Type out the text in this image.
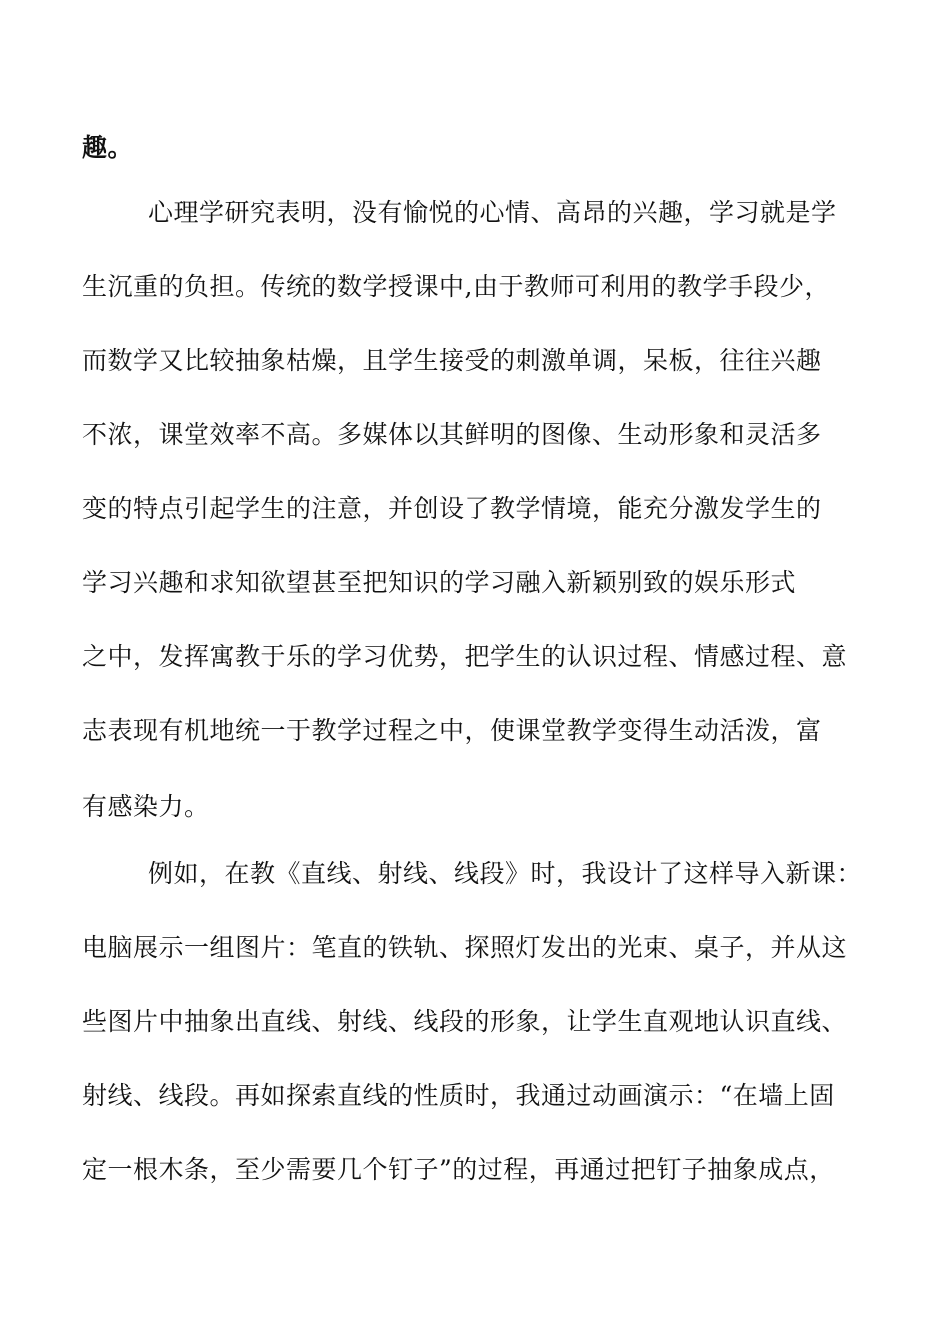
趣。
心理学研究表明，没有愉悦的心情、高昂的兴趣，学习就是学
生沉重的负担。传统的数学授课中,由于教师可利用的教学手段少，
而数学又比较抽象枯燥，且学生接受的刺激单调，呆板，往往兴趣
不浓，课堂效率不高。多媒体以其鲜明的图像、生动形象和灵活多
变的特点引起学生的注意，并创设了教学情境，能充分激发学生的
学习兴趣和求知欲望甚至把知识的学习融入新颖别致的娱乐形式
之中，发挥寓教于乐的学习优势，把学生的认识过程、情感过程、意
志表现有机地统一于教学过程之中，使课堂教学变得生动活泼，富
有感染力。
例如，在教《直线、射线、线段》时，我设计了这样导入新课：
电脑展示一组图片：笔直的铁轨、探照灯发出的光束、桌子，并从这
些图片中抽象出直线、射线、线段的形象，让学生直观地认识直线、
射线、线段。再如探索直线的性质时，我通过动画演示：“在墙上固
定一根木条，至少需要几个钉子”的过程，再通过把钉子抽象成点，
